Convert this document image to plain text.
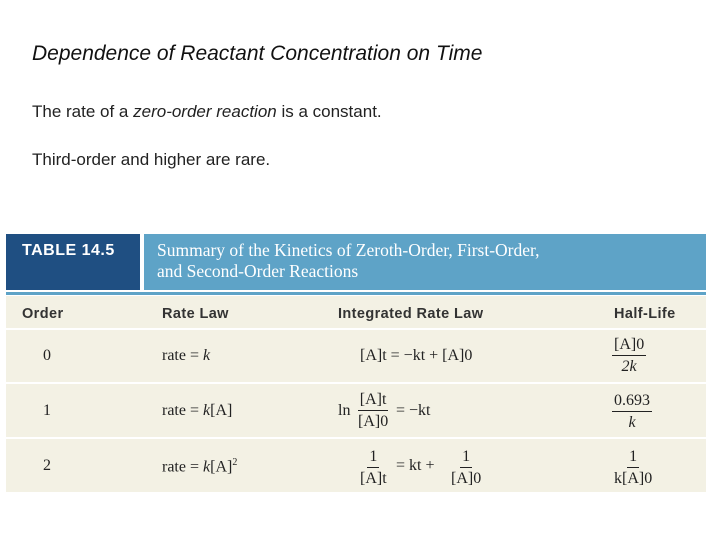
Dependence of Reactant Concentration on Time
The rate of a zero-order reaction is a constant.
Third-order and higher are rare.
TABLE 14.5	Summary of the Kinetics of Zeroth-Order, First-Order,
and Second-Order Reactions
Order	Rate Law	Integrated Rate Law	Half-Life
0	rate = k	[A]t = −kt + [A]0	$\frac{[A]0}{2k}$
1	rate = k[A]	$\ln \frac{[A]t}{[A]0} = -kt$	$\frac{0.693}{k}$
2	rate = $k[A]^2$	$\frac{1}{[A]t}$ = kt + $\frac{1}{[A]0}$	$\frac{1}{k[A]0}$
